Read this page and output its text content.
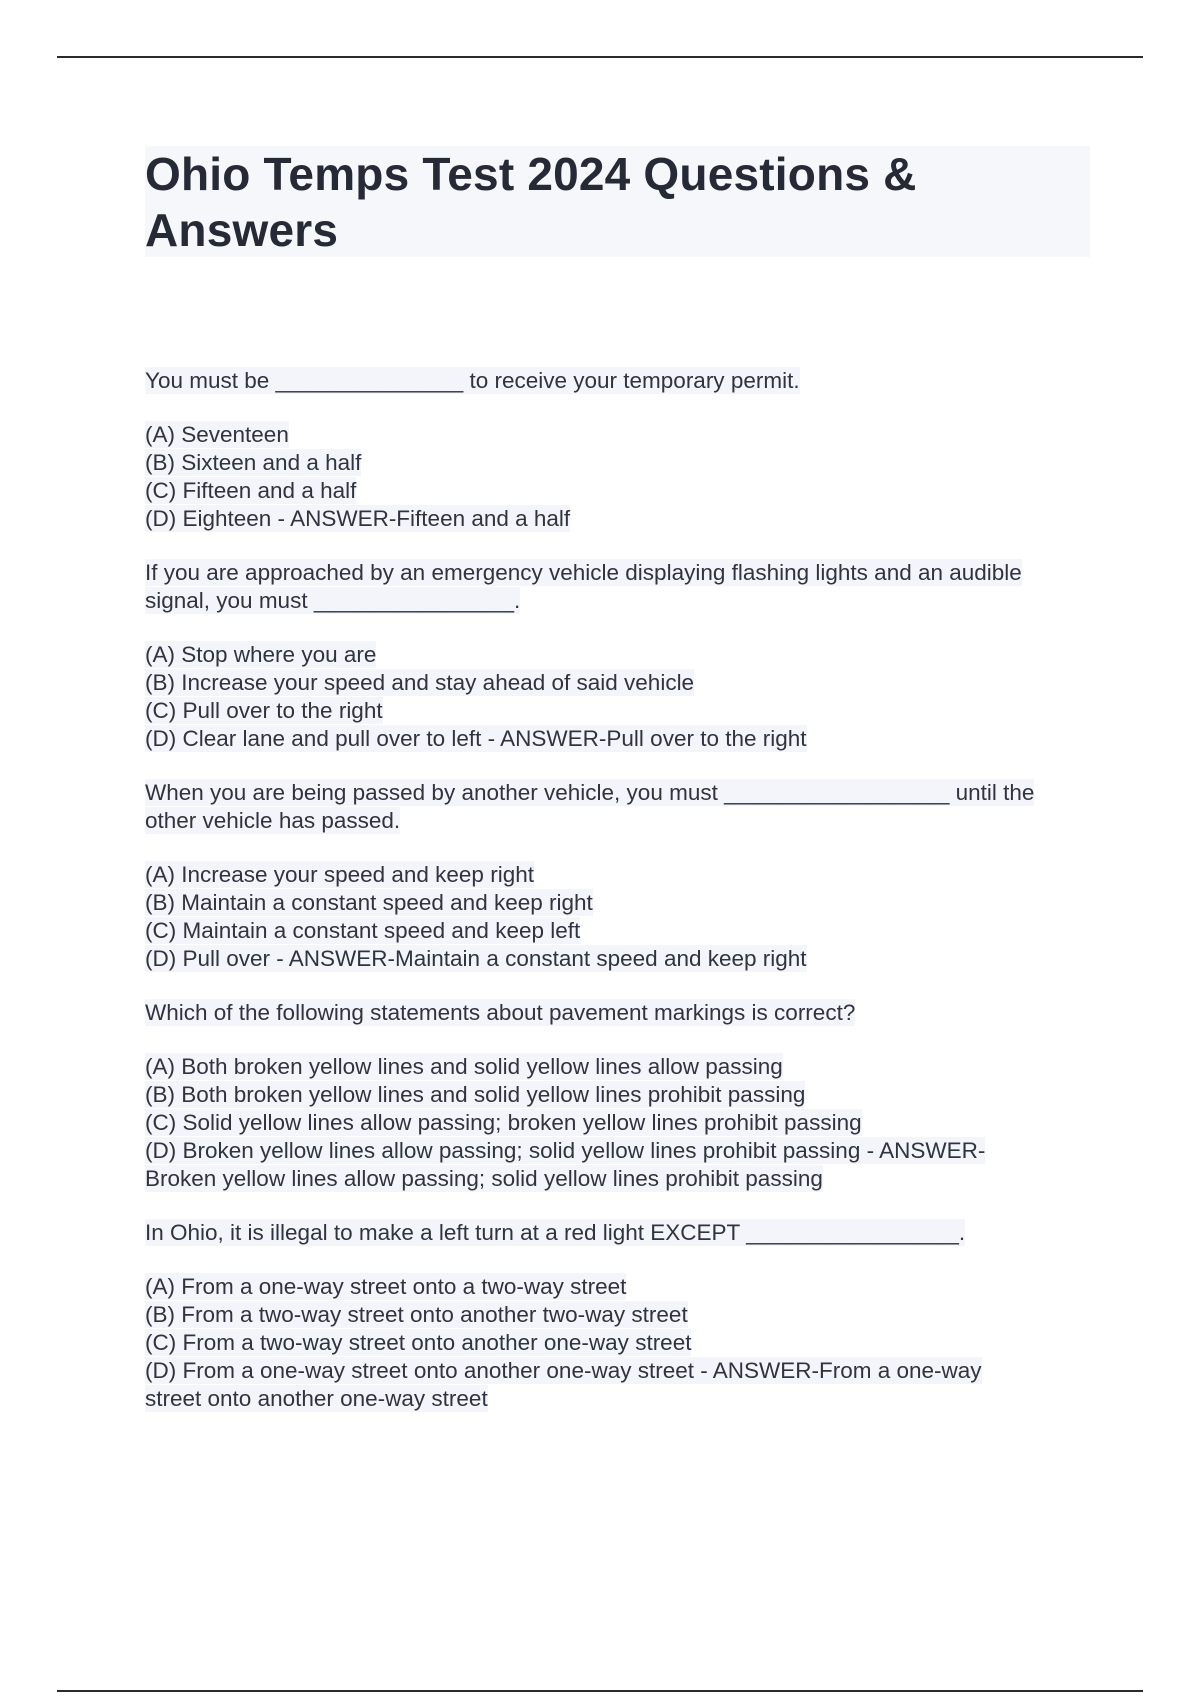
Ohio Temps Test 2024 Questions & Answers
You must be _______________ to receive your temporary permit.
(A) Seventeen
(B) Sixteen and a half
(C) Fifteen and a half
(D) Eighteen - ANSWER-Fifteen and a half
If you are approached by an emergency vehicle displaying flashing lights and an audible
signal, you must ________________.
(A) Stop where you are
(B) Increase your speed and stay ahead of said vehicle
(C) Pull over to the right
(D) Clear lane and pull over to left - ANSWER-Pull over to the right
When you are being passed by another vehicle, you must __________________ until the
other vehicle has passed.
(A) Increase your speed and keep right
(B) Maintain a constant speed and keep right
(C) Maintain a constant speed and keep left
(D) Pull over - ANSWER-Maintain a constant speed and keep right
Which of the following statements about pavement markings is correct?
(A) Both broken yellow lines and solid yellow lines allow passing
(B) Both broken yellow lines and solid yellow lines prohibit passing
(C) Solid yellow lines allow passing; broken yellow lines prohibit passing
(D) Broken yellow lines allow passing; solid yellow lines prohibit passing - ANSWER-
Broken yellow lines allow passing; solid yellow lines prohibit passing
In Ohio, it is illegal to make a left turn at a red light EXCEPT _________________.
(A) From a one-way street onto a two-way street
(B) From a two-way street onto another two-way street
(C) From a two-way street onto another one-way street
(D) From a one-way street onto another one-way street - ANSWER-From a one-way
street onto another one-way street
